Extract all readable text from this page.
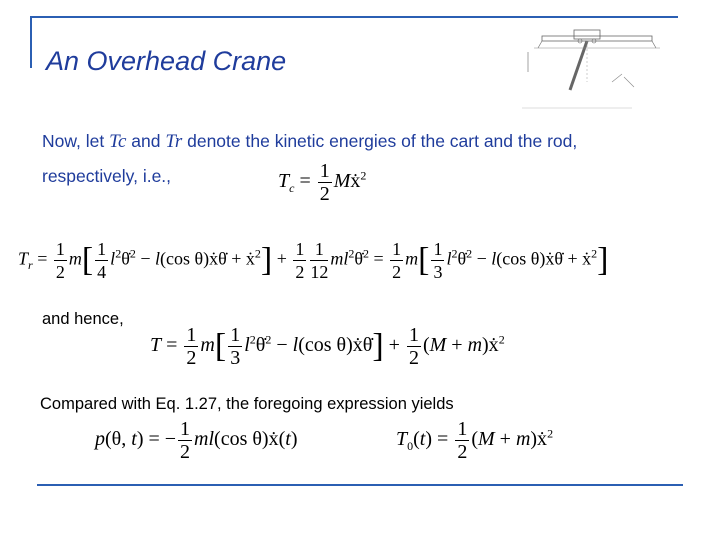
An Overhead Crane
Now, let Tc and Tr denote the kinetic energies of the cart and the rod, respectively, i.e.,	$T_c = \frac{1}{2}$ Mẋ$^2$
$T_r = \frac{1}{2} m[ \frac{1}{4}$ $l^2\thetȧ^2 - l(\cos$ θ)ẋθ̇ + ẋ$^2$] + $\frac{1}{2} \frac{1}{12}$ $ml^2\thetȧ^2 = \frac{1}{2} m[ \frac{1}{3}$ $l^2\thetȧ^2 - l(\cos$ θ)ẋθ̇ + ẋ$^2$]
and hence,
$T = \frac{1}{2} m[ \frac{1}{3}$ $l^2\thetȧ^2 - l(\cos$ θ)ẋθ̇] + $\frac{1}{2} (M$ + m)ẋ$^2$
Compared with Eq. 1.27, the foregoing expression yields
p(θ, t) = − $\frac{1}{2} ml(\cos$ θ)ẋ(t)	$T_0(t) = \frac{1}{2} (M$ + m)ẋ$^2$
